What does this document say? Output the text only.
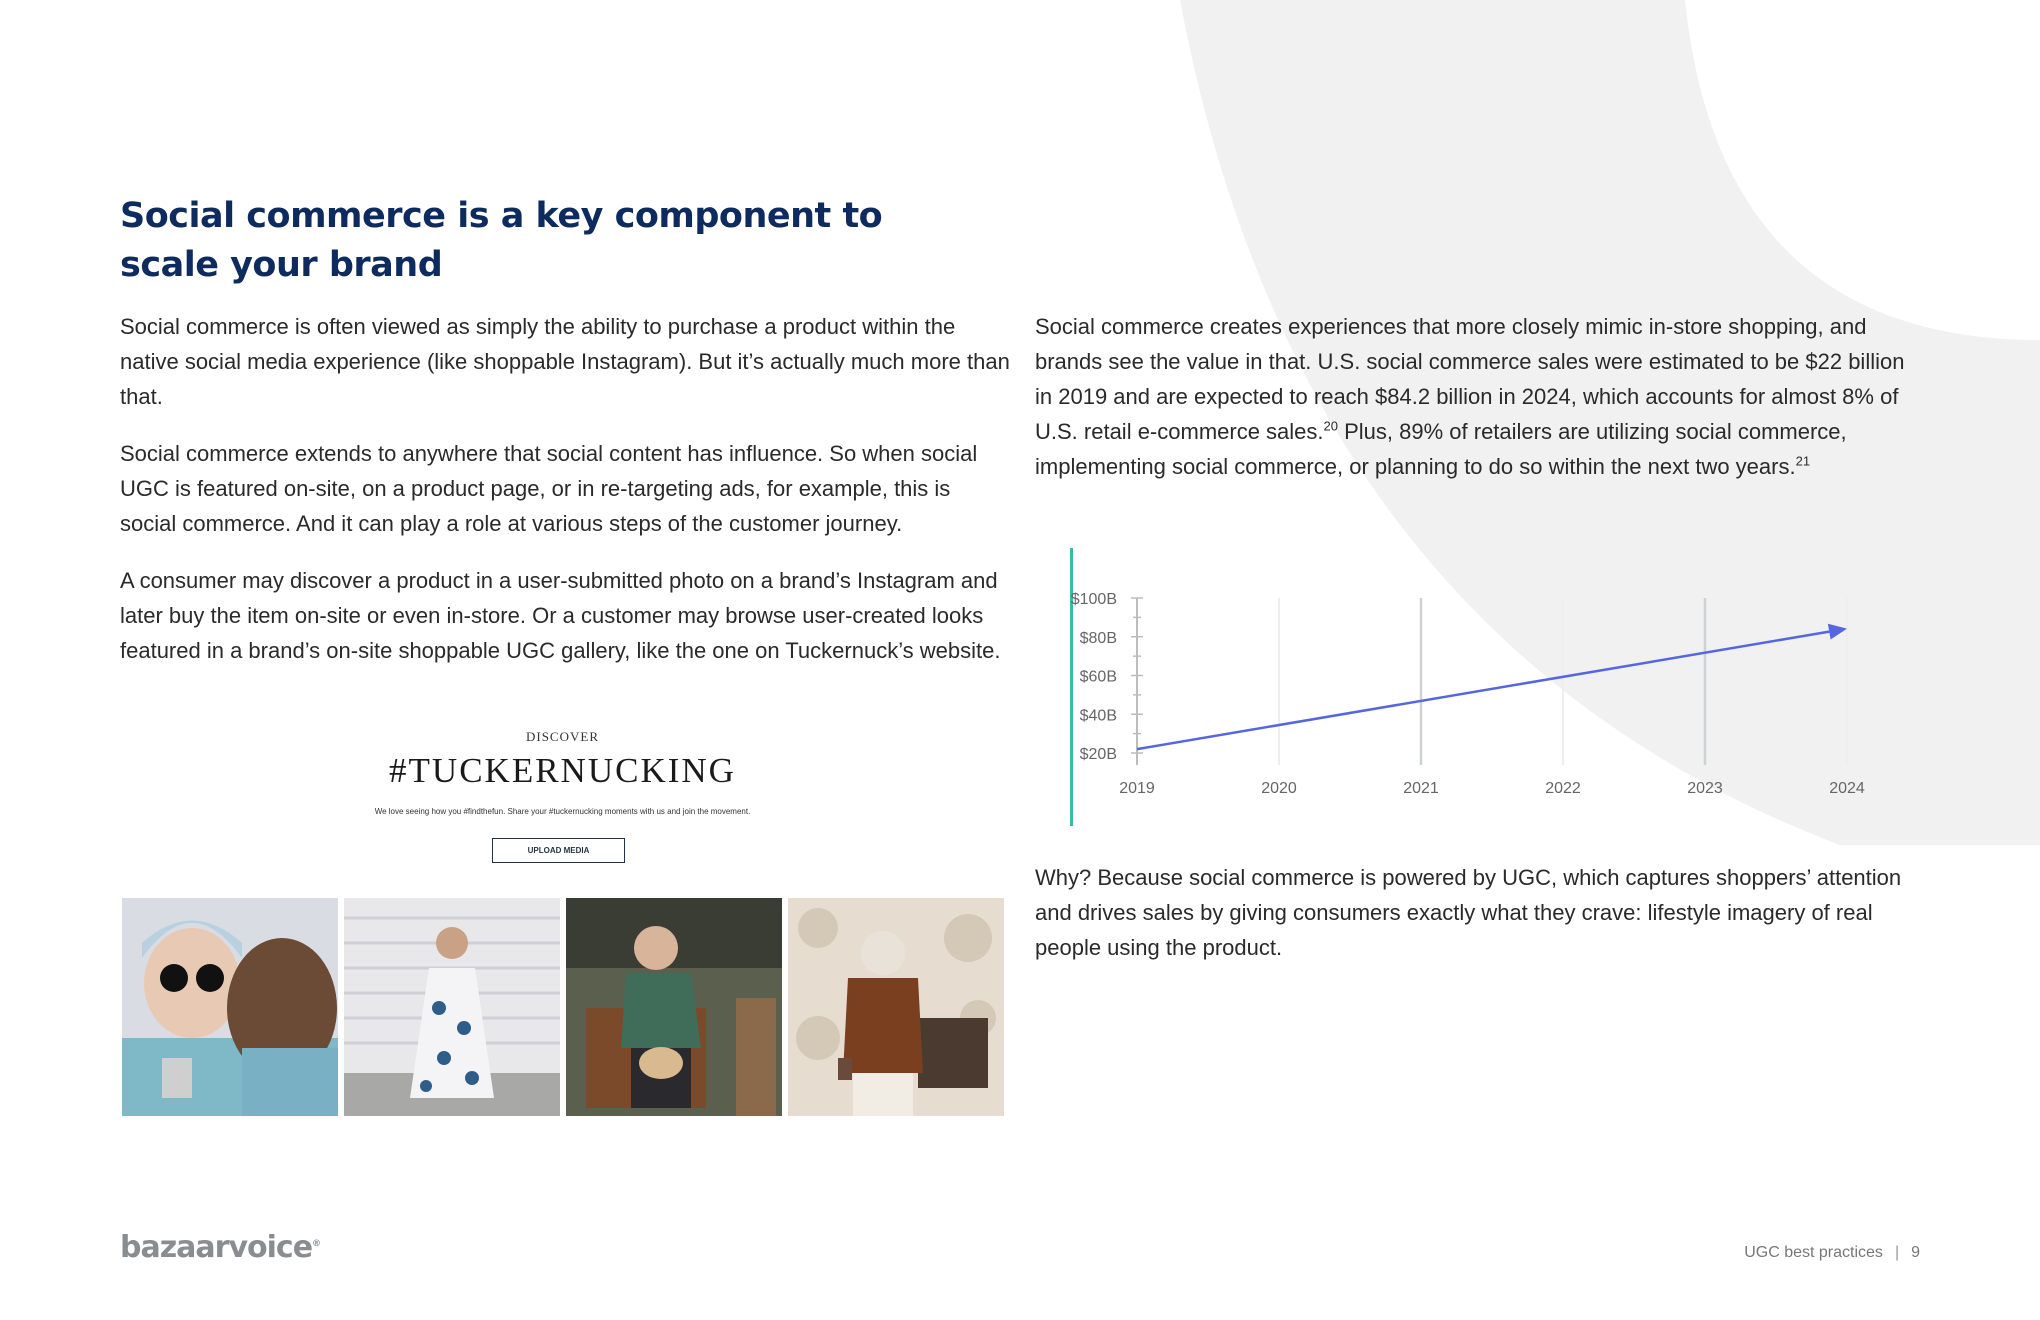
Social commerce is a key component to scale your brand

Social commerce is often viewed as simply the ability to purchase a product within the native social media experience (like shoppable Instagram). But it’s actually much more than that.

Social commerce extends to anywhere that social content has influence. So when social UGC is featured on-site, on a product page, or in re-targeting ads, for example, this is social commerce. And it can play a role at various steps of the customer journey.

A consumer may discover a product in a user-submitted photo on a brand’s Instagram and later buy the item on-site or even in-store. Or a customer may browse user-created looks featured in a brand’s on-site shoppable UGC gallery, like the one on Tuckernuck’s website.

Social commerce creates experiences that more closely mimic in-store shopping, and brands see the value in that. U.S. social commerce sales were estimated to be $22 billion in 2019 and are expected to reach $84.2 billion in 2024, which accounts for almost 8% of U.S. retail e-commerce sales.$^{20}$ Plus, 89% of retailers are utilizing social commerce, implementing social commerce, or planning to do so within the next two years.$^{21}$

Why? Because social commerce is powered by UGC, which captures shoppers’ attention and drives sales by giving consumers exactly what they crave: lifestyle imagery of real people using the product.

DISCOVER
#TUCKERNUCKING
We love seeing how you #findthefun. Share your #tuckernucking moments with us and join the movement.
UPLOAD MEDIA
$20B
$40B
$60B
$80B
$100B
2019	2020	2021	2022	2023	2024
bazaarvoice®	UGC best practices | 9
